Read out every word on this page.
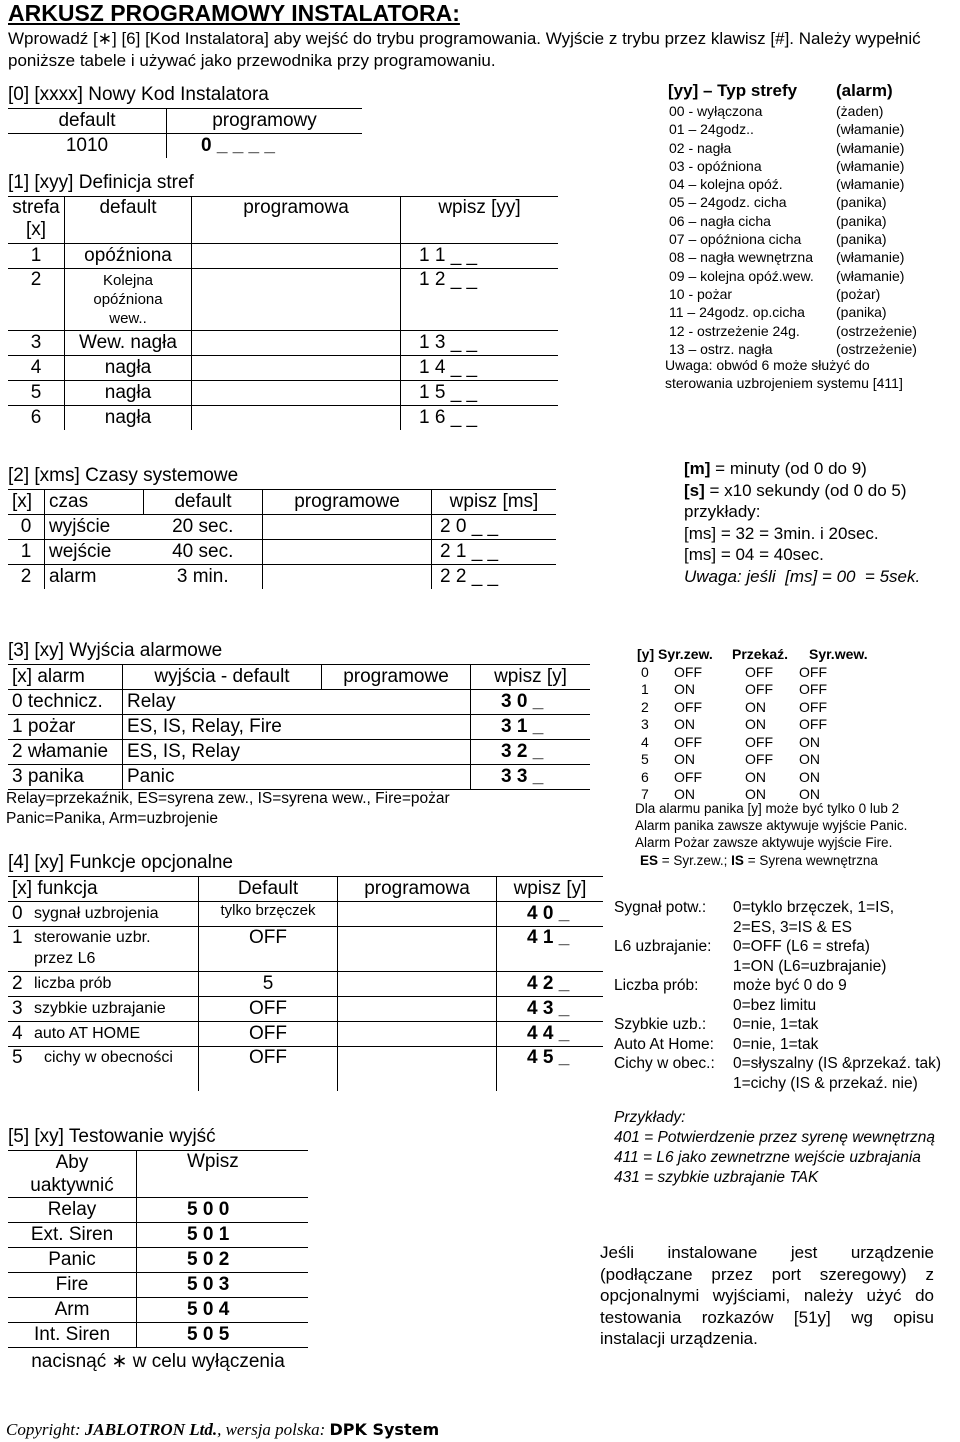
ARKUSZ PROGRAMOWY INSTALATORA:
Wprowadź [∗] [6] [Kod Instalatora] aby wejść do trybu programowania. Wyjście z trybu przez klawisz [#]. Należy wypełnić poniższe tabele i używać jako przewodnika przy programowaniu.
[0] [xxxx] Nowy Kod Instalatora
default	programowy
1010	0 _ _ _ _
[1] [xyy] Definicja stref
strefa
[x]	default	programowa	wpisz [yy]
1	opóźniona		1 1 _ _
2	Kolejna opóźniona wew..		1 2 _ _
3	Wew. nagła		1 3 _ _
4	nagła		1 4 _ _
5	nagła		1 5 _ _
6	nagła		1 6 _ _
[yy] – Typ strefy (alarm)
00 - wyłączona	(żaden)
01 – 24godz..	(włamanie)
02 - nagła	(włamanie)
03 - opóźniona	(włamanie)
04 – kolejna opóź.	(włamanie)
05 – 24godz. cicha	(panika)
06 – nagła cicha	(panika)
07 – opóźniona cicha (panika)
08 – nagła wewnętrzna (włamanie)
09 – kolejna opóź.wew. (włamanie)
10 - pożar	(pożar)
11 – 24godz. op.cicha (panika)
12 - ostrzeżenie 24g.	(ostrzeżenie)
13 – ostrz. nagła	(ostrzeżenie)
Uwaga: obwód 6 może służyć do
sterowania uzbrojeniem systemu [411]
[2] [xms] Czasy systemowe
[x]	czas	default	programowe	wpisz [ms]
0	wyjście	20 sec.		2 0 _ _
1	wejście	40 sec.		2 1 _ _
2	alarm	3 min.		2 2 _ _
[m] = minuty (od 0 do 9)
[s] = x10 sekundy (od 0 do 5)
przykłady:
[ms] = 32 = 3min. i 20sec.
[ms] = 04 = 40sec.
Uwaga: jeśli  [ms] = 00  = 5sek.
[3] [xy] Wyjścia alarmowe
[x] alarm	wyjścia - default	programowe	wpisz [y]
0 technicz.	Relay		3 0 _
1 pożar	ES, IS, Relay, Fire		3 1 _
2 włamanie	ES, IS, Relay		3 2 _
3 panika	Panic		3 3 _
Relay=przekaźnik, ES=syrena zew., IS=syrena wew., Fire=pożar
Panic=Panika, Arm=uzbrojenie
[y] Syr.zew. Przekaź. Syr.wew.
0 OFF	OFF OFF
1 ON	OFF OFF
2 OFF	ON OFF
3 ON	ON OFF
4 OFF	OFF ON
5 ON	OFF ON
6 OFF	ON ON
7 ON	ON ON
Dla alarmu panika [y] może być tylko 0 lub 2
Alarm panika zawsze aktywuje wyjście Panic.
Alarm Pożar zawsze aktywuje wyjście Fire.
ES = Syr.zew.; IS = Syrena wewnętrzna
[4] [xy] Funkcje opcjonalne
[x] funkcja		Default	programowa	wpisz [y]
0	sygnał uzbrojenia	tylko brzęczek		4 0 _
1	sterowanie uzbr. przez L6	OFF		4 1 _
2	liczba prób	5		4 2 _
3	szybkie uzbrajanie	OFF		4 3 _
4	auto AT HOME	OFF		4 4 _
5	cichy w obecności	OFF		4 5 _
Sygnał potw.: 0=tyklo brzęczek, 1=IS,
2=ES, 3=IS & ES
L6 uzbrajanie: 0=OFF (L6 = strefa)
1=ON (L6=uzbrajanie)
Liczba prób: może być 0 do 9
0=bez limitu
Szybkie uzb.: 0=nie, 1=tak
Auto At Home: 0=nie, 1=tak
Cichy w obec.: 0=słyszalny (IS &przekaź. tak)
1=cichy (IS & przekaź. nie)
Przykłady:
401 = Potwierdzenie przez syrenę wewnętrzną
411 = L6 jako zewnetrzne wejście uzbrajania
431 = szybkie uzbrajanie TAK
[5] [xy] Testowanie wyjść
Aby uaktywnić	Wpisz
Relay	5 0 0
Ext. Siren	5 0 1
Panic	5 0 2
Fire	5 0 3
Arm	5 0 4
Int. Siren	5 0 5
nacisnąć ∗ w celu wyłączenia	
Jeśli instalowane jest urządzenie (podłączane przez port szeregowy) z opcjonalnymi wyjściami, należy użyć do testowania rozkazów [51y] wg opisu instalacji urządzenia.
Copyright: JABLOTRON Ltd., wersja polska: DPK System
